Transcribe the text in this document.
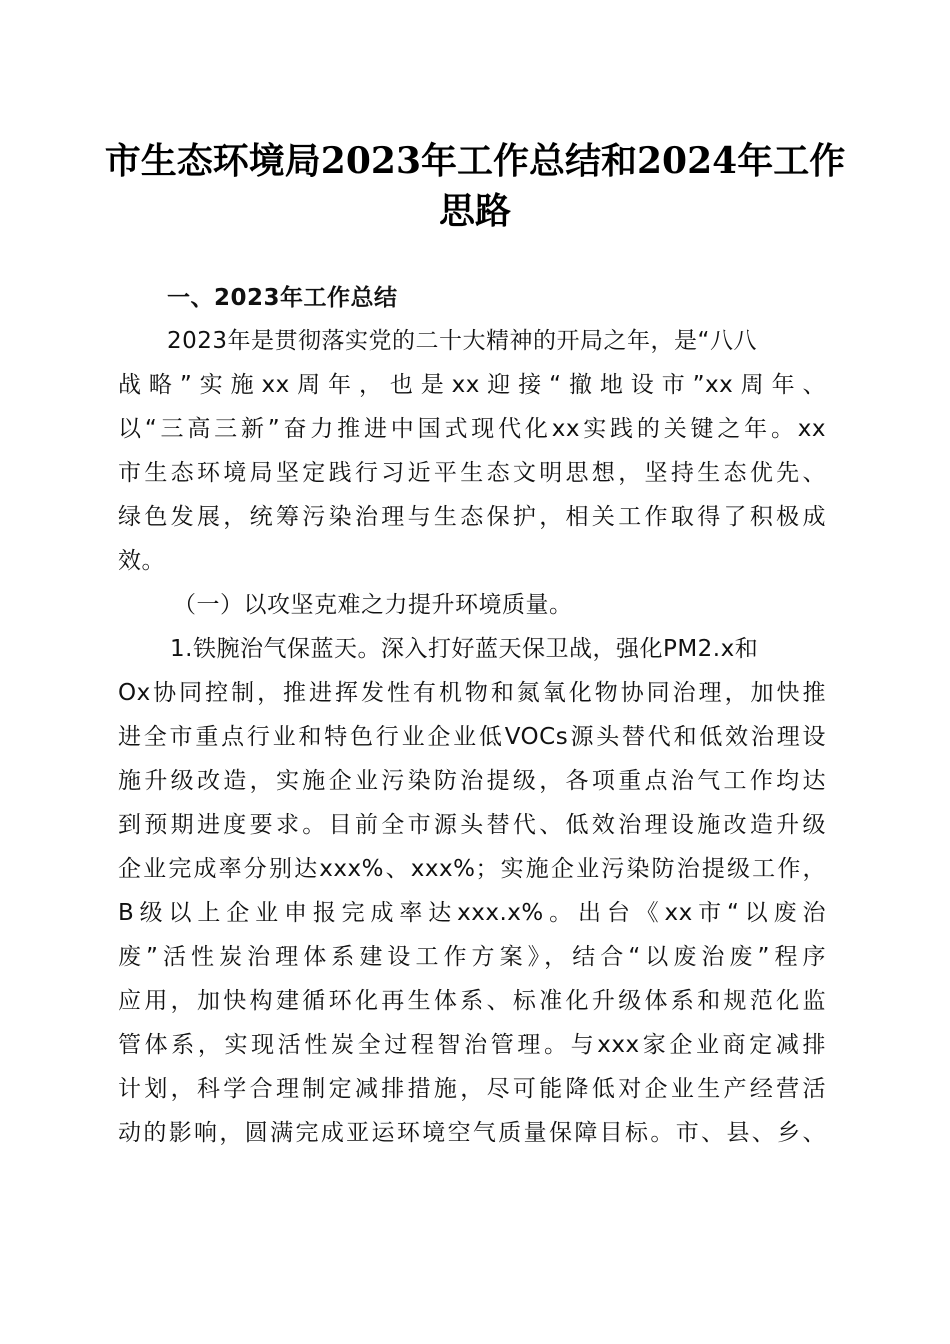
市生态环境局2023年工作总结和2024年工作
思路
一、2023年工作总结
2023年是贯彻落实党的二十大精神的开局之年，是“八八
战略”实施xx周年，也是xx迎接“撤地设市”xx周年、
以“三高三新”奋力推进中国式现代化xx实践的关键之年。xx
市生态环境局坚定践行习近平生态文明思想，坚持生态优先、
绿色发展，统筹污染治理与生态保护，相关工作取得了积极成
效。
（一）以攻坚克难之力提升环境质量。
1.铁腕治气保蓝天。深入打好蓝天保卫战，强化PM2.x和
Ox协同控制，推进挥发性有机物和氮氧化物协同治理，加快推
进全市重点行业和特色行业企业低VOCs源头替代和低效治理设
施升级改造，实施企业污染防治提级，各项重点治气工作均达
到预期进度要求。目前全市源头替代、低效治理设施改造升级
企业完成率分别达xxx%、xxx%；实施企业污染防治提级工作，
B级以上企业申报完成率达xxx.x%。出台《xx市“以废治
废”活性炭治理体系建设工作方案》，结合“以废治废”程序
应用，加快构建循环化再生体系、标准化升级体系和规范化监
管体系，实现活性炭全过程智治管理。与xxx家企业商定减排
计划，科学合理制定减排措施，尽可能降低对企业生产经营活
动的影响，圆满完成亚运环境空气质量保障目标。市、县、乡、
